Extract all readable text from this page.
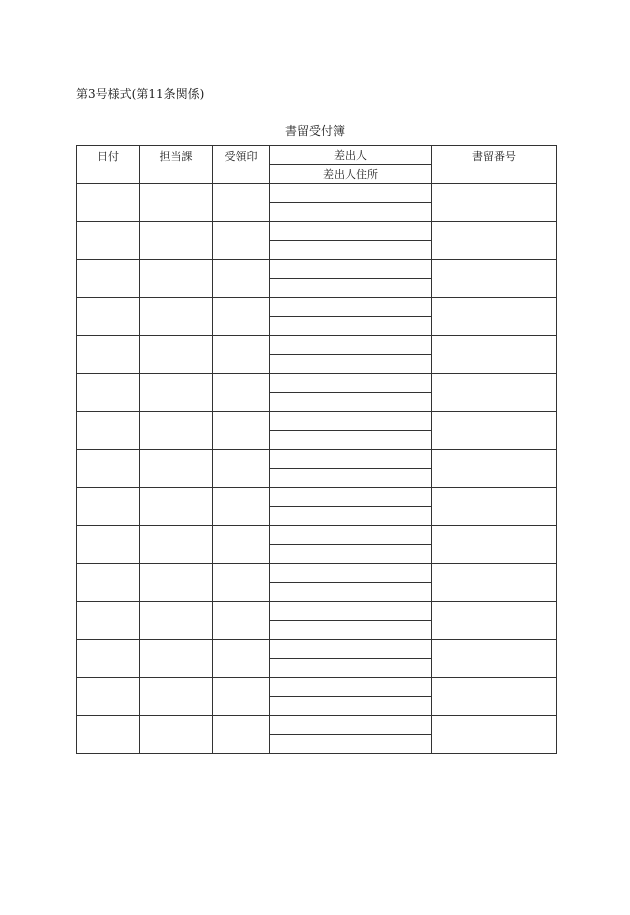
第3号様式(第11条関係)
書留受付簿
日付	担当課	受領印	差出人	書留番号
			差出人住所	
